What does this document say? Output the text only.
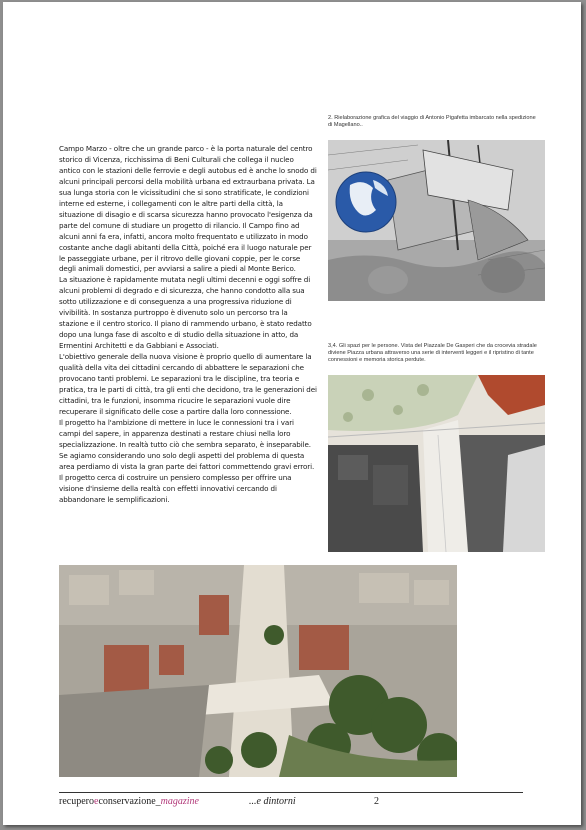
2. Rielaborazione grafica del viaggio di Antonio Pigafetta imbarcato nella spedizione di Magellano..
3,4. Gli spazi per le persone. Vista del Piazzale De Gasperi che da crocevia stradale diviene Piazza urbana attraverso una serie di interventi leggeri e il ripristino di tante connessioni e memoria storica perdute.

Campo Marzo - oltre che un grande parco - è la porta naturale del centro storico di Vicenza, ricchissima di Beni Culturali che collega il nucleo antico con le stazioni delle ferrovie e degli autobus ed è anche lo snodo di alcuni principali percorsi della mobilità urbana ed extraurbana privata. La sua lunga storia con le vicissitudini che si sono stratificate, le condizioni interne ed esterne, i collegamenti con le altre parti della città, la situazione di disagio e di scarsa sicurezza hanno provocato l'esigenza da parte del comune di studiare un progetto di rilancio. Il Campo fino ad alcuni anni fa era, infatti, ancora molto frequentato e utilizzato in modo costante anche dagli abitanti della Città, poiché era il luogo naturale per le passeggiate urbane, per il ritrovo delle giovani coppie, per le corse degli animali domestici, per avviarsi a salire a piedi al Monte Berico.

La situazione è rapidamente mutata negli ultimi decenni e oggi soffre di alcuni problemi di degrado e di sicurezza, che hanno condotto alla sua sotto utilizzazione e di conseguenza a una progressiva riduzione di vivibilità. In sostanza purtroppo è divenuto solo un percorso tra la stazione e il centro storico. Il piano di rammendo urbano, è stato redatto dopo una lunga fase di ascolto e di studio della situazione in atto, da Ermentini Architetti e da Gabbiani e Associati.

L'obiettivo generale della nuova visione è proprio quello di aumentare la qualità della vita dei cittadini cercando di abbattere le separazioni che provocano tanti problemi. Le separazioni tra le discipline, tra teoria e pratica, tra le parti di città, tra gli enti che decidono, tra le generazioni dei cittadini, tra le funzioni, insomma ricucire le separazioni vuole dire recuperare il significato delle cose a partire dalla loro connessione.

Il progetto ha l'ambizione di mettere in luce le connessioni tra i vari campi del sapere, in apparenza destinati a restare chiusi nella loro specializzazione. In realtà tutto ciò che sembra separato, è inseparabile. Se agiamo considerando uno solo degli aspetti del problema di questa area perdiamo di vista la gran parte dei fattori commettendo gravi errori. Il progetto cerca di costruire un pensiero complesso per offrire una visione d'insieme della realtà con effetti innovativi cercando di abbandonare le semplificazioni.

recuperoeconservazione_magazine	...e dintorni	2
